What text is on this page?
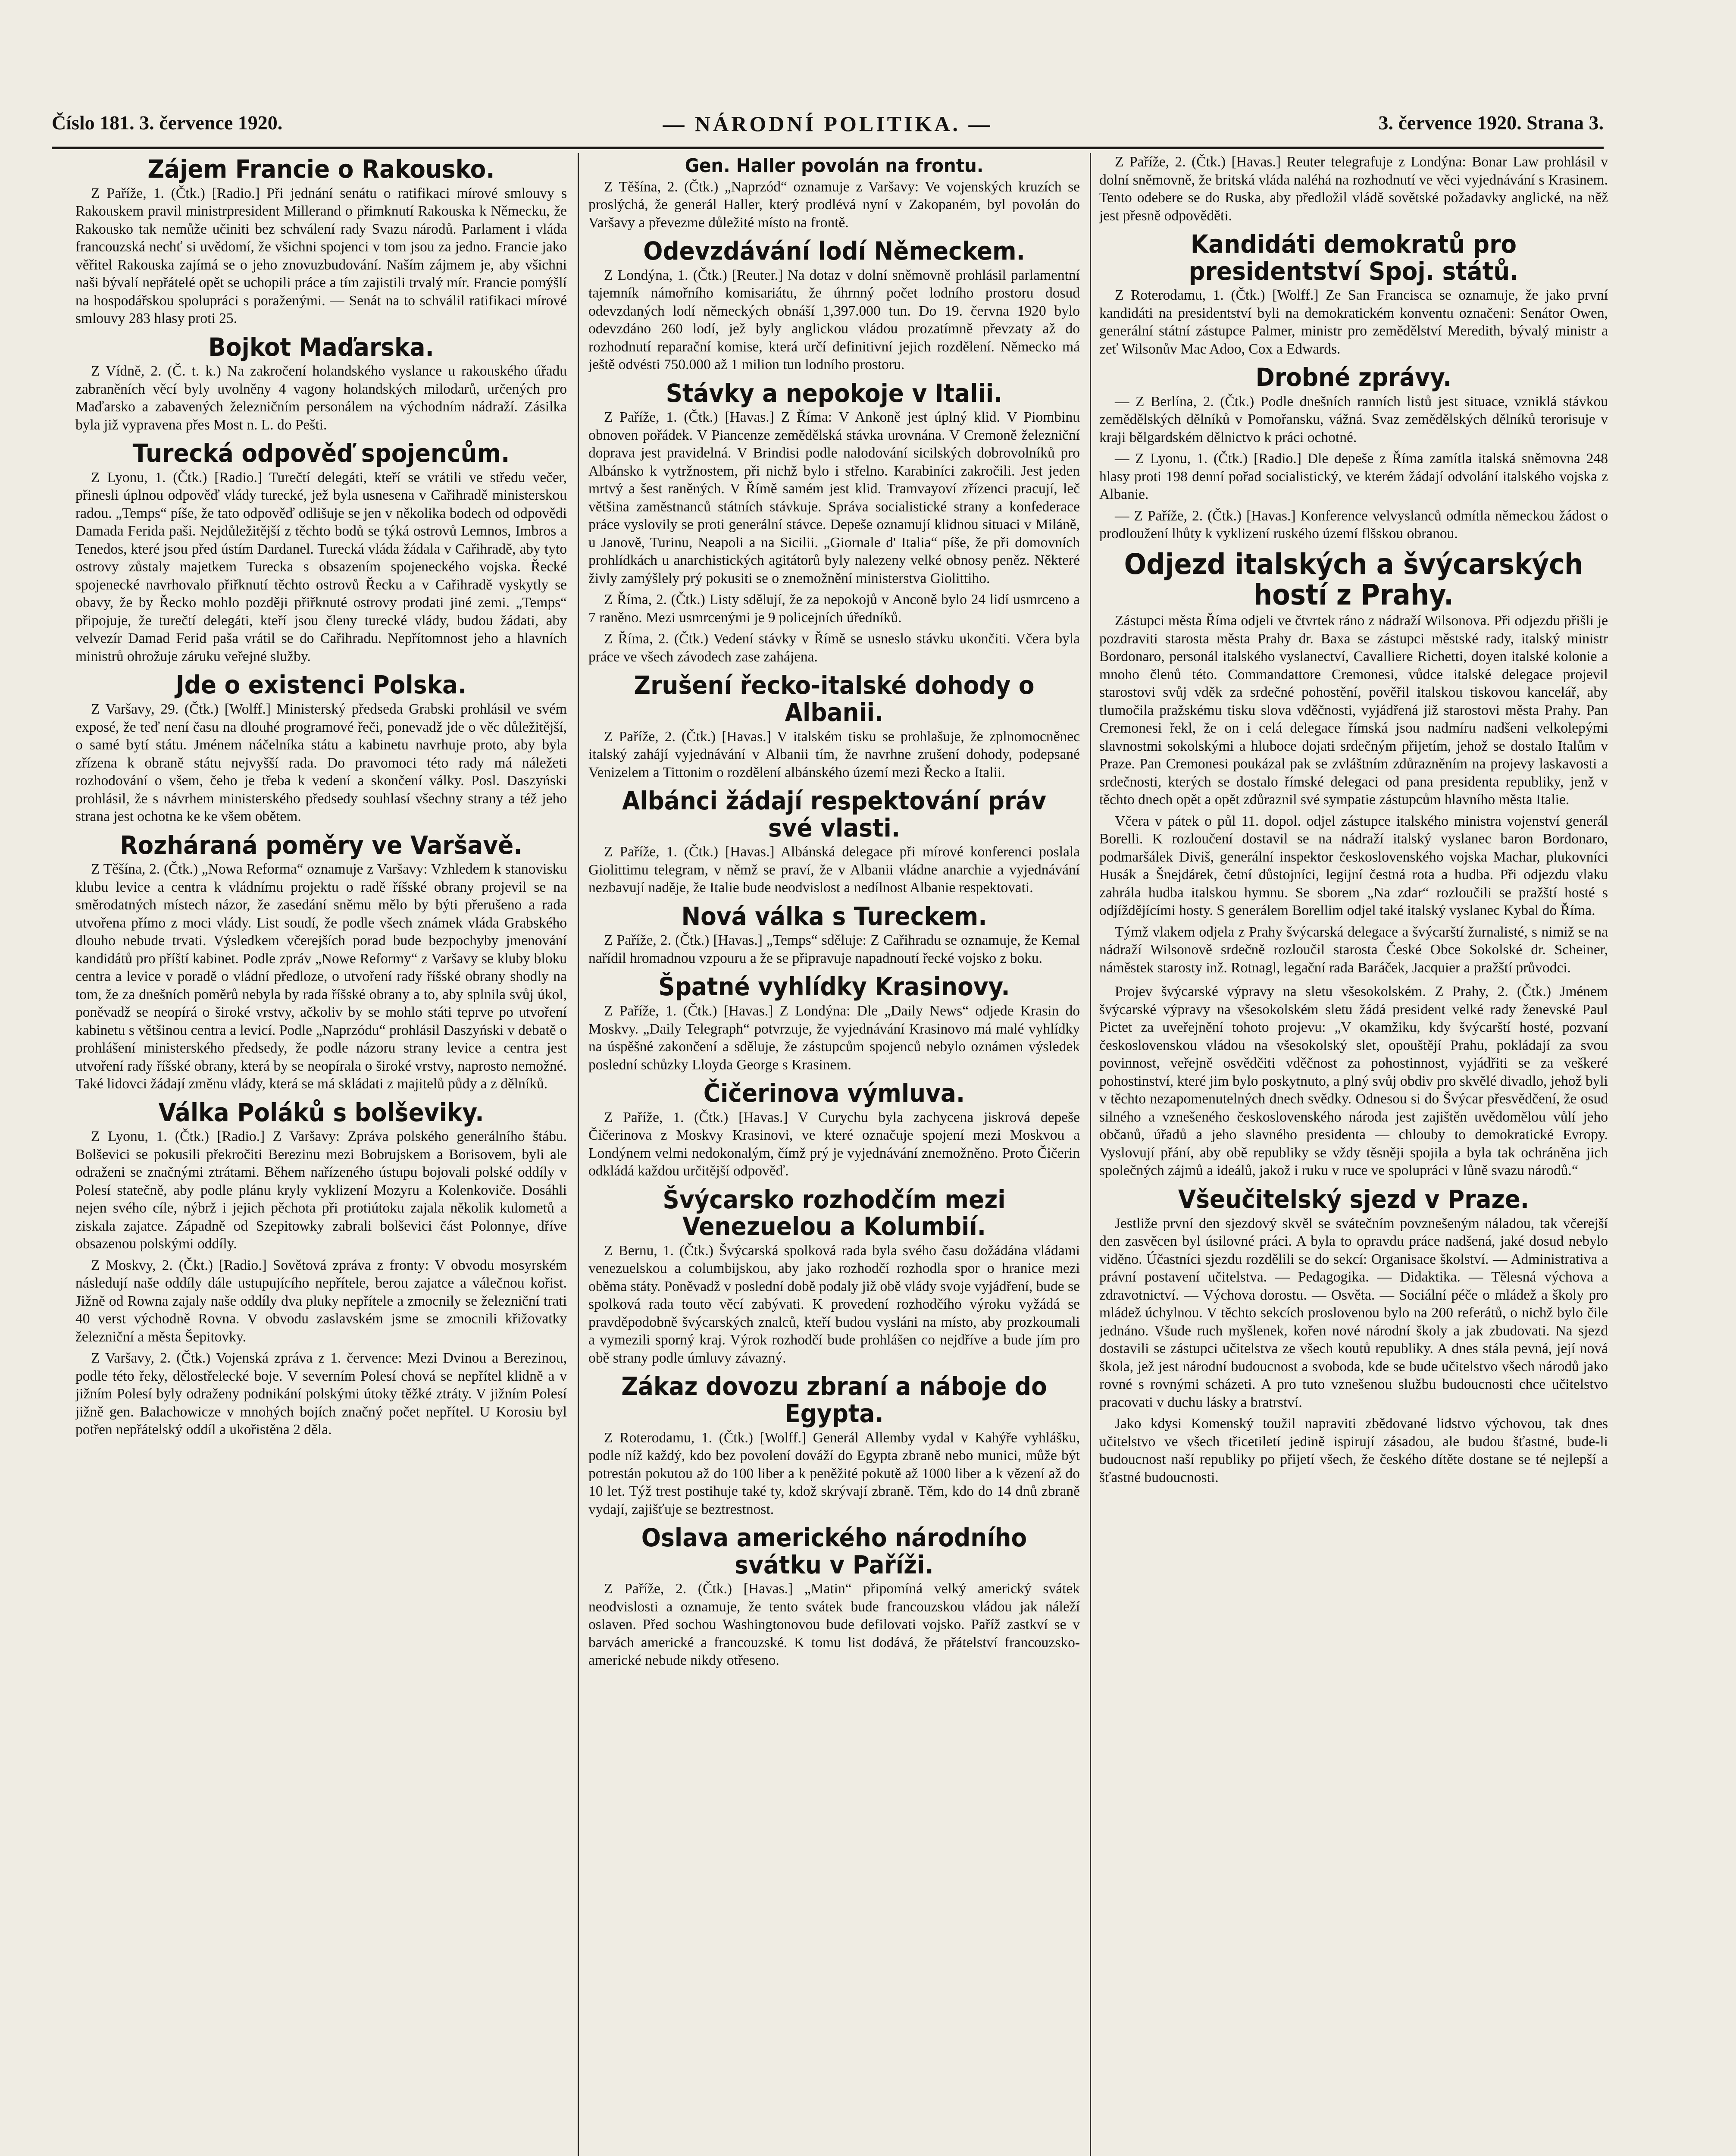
Číslo 181. 3. července 1920.	— NÁRODNÍ POLITIKA. —	3. července 1920. Strana 3.
Zájem Francie o Rakousko.

Z Paříže, 1. (Čtk.) [Radio.] Při jednání senátu o ratifikaci mírové smlouvy s Rakouskem pravil ministrpresident Millerand o přimknutí Rakouska k Německu, že Rakousko tak nemůže učiniti bez schválení rady Svazu národů. Parlament i vláda francouzská nechť si uvědomí, že všichni spojenci v tom jsou za jedno. Francie jako věřitel Rakouska zajímá se o jeho znovuzbudování. Naším zájmem je, aby všichni naši bývalí nepřátelé opět se uchopili práce a tím zajistili trvalý mír. Francie pomýšlí na hospodářskou spolupráci s poraženými. — Senát na to schválil ratifikaci mírové smlouvy 283 hlasy proti 25.

Bojkot Maďarska.

Z Vídně, 2. (Č. t. k.) Na zakročení holandského vyslance u rakouského úřadu zabraněních věcí byly uvolněny 4 vagony holandských milodarů, určených pro Maďarsko a zabavených železničním personálem na východním nádraží. Zásilka byla již vypravena přes Most n. L. do Pešti.

Turecká odpověď spojencům.

Z Lyonu, 1. (Čtk.) [Radio.] Turečtí delegáti, kteří se vrátili ve středu večer, přinesli úplnou odpověď vlády turecké, jež byla usnesena v Cařihradě ministerskou radou. „Temps“ píše, že tato odpověď odlišuje se jen v několika bodech od odpovědi Damada Ferida paši. Nejdůležitější z těchto bodů se týká ostrovů Lemnos, Imbros a Tenedos, které jsou před ústím Dardanel. Turecká vláda žádala v Cařihradě, aby tyto ostrovy zůstaly majetkem Turecka s obsazením spojeneckého vojska. Řecké spojenecké navrhovalo přiřknutí těchto ostrovů Řecku a v Cařihradě vyskytly se obavy, že by Řecko mohlo později přiřknuté ostrovy prodati jiné zemi. „Temps“ připojuje, že turečtí delegáti, kteří jsou členy turecké vlády, budou žádati, aby velvezír Damad Ferid paša vrátil se do Cařihradu. Nepřítomnost jeho a hlavních ministrů ohrožuje záruku veřejné služby.

Jde o existenci Polska.

Z Varšavy, 29. (Čtk.) [Wolff.] Ministerský předseda Grabski prohlásil ve svém exposé, že teď není času na dlouhé programové řeči, ponevadž jde o věc důležitější, o samé bytí státu. Jménem náčelníka státu a kabinetu navrhuje proto, aby byla zřízena k obraně státu nejvyšší rada. Do pravomoci této rady má náležeti rozhodování o všem, čeho je třeba k vedení a skončení války. Posl. Daszyński prohlásil, že s návrhem ministerského předsedy souhlasí všechny strany a též jeho strana jest ochotna ke ke všem obětem.

Rozháraná poměry ve Varšavě.

Z Těšína, 2. (Čtk.) „Nowa Reforma“ oznamuje z Varšavy: Vzhledem k stanovisku klubu levice a centra k vládnímu projektu o radě říšské obrany projevil se na směrodatných místech názor, že zasedání sněmu mělo by býti přerušeno a rada utvořena přímo z moci vlády. List soudí, že podle všech známek vláda Grabského dlouho nebude trvati. Výsledkem včerejších porad bude bezpochyby jmenování kandidátů pro příští kabinet. Podle zpráv „Nowe Reformy“ z Varšavy se kluby bloku centra a levice v poradě o vládní předloze, o utvoření rady říšské obrany shodly na tom, že za dnešních poměrů nebyla by rada říšské obrany a to, aby splnila svůj úkol, poněvadž se neopírá o široké vrstvy, ačkoliv by se mohlo státi teprve po utvoření kabinetu s většinou centra a levicí. Podle „Naprzódu“ prohlásil Daszyński v debatě o prohlášení ministerského předsedy, že podle názoru strany levice a centra jest utvoření rady říšské obrany, která by se neopírala o široké vrstvy, naprosto nemožné. Také lidovci žádají změnu vlády, která se má skládati z majitelů půdy a z dělníků.

Válka Poláků s bolševiky.

Z Lyonu, 1. (Čtk.) [Radio.] Z Varšavy: Zpráva polského generálního štábu. Bolševici se pokusili překročiti Berezinu mezi Bobrujskem a Borisovem, byli ale odraženi se značnými ztrátami. Během nařízeného ústupu bojovali polské oddíly v Polesí statečně, aby podle plánu kryly vyklizení Mozyru a Kolenkoviče. Dosáhli nejen svého cíle, nýbrž i jejich pěchota při protiútoku zajala několik kulometů a ziskala zajatce. Západně od Szepitowky zabrali bolševici část Polonnye, dříve obsazenou polskými oddíly.

Z Moskvy, 2. (Čkt.) [Radio.] Sovětová zpráva z fronty: V obvodu mosyrském následují naše oddíly dále ustupujícího nepřítele, berou zajatce a válečnou kořist. Jižně od Rowna zajaly naše oddíly dva pluky nepřítele a zmocnily se železniční trati 40 verst východně Rovna. V obvodu zaslavském jsme se zmocnili křižovatky železniční a města Šepitovky.

Z Varšavy, 2. (Čtk.) Vojenská zpráva z 1. července: Mezi Dvinou a Berezinou, podle této řeky, dělostřelecké boje. V severním Polesí chová se nepřítel klidně a v jižním Polesí byly odraženy podnikání polskými útoky těžké ztráty. V jižním Polesí jižně gen. Balachowicze v mnohých bojích značný počet nepřítel. U Korosiu byl potřen nepřátelský oddíl a ukořistěna 2 děla.

Gen. Haller povolán na frontu.

Z Těšína, 2. (Čtk.) „Naprzód“ oznamuje z Varšavy: Ve vojenských kruzích se proslýchá, že generál Haller, který prodlévá nyní v Zakopaném, byl povolán do Varšavy a převezme důležité místo na frontě.

Odevzdávání lodí Německem.

Z Londýna, 1. (Čtk.) [Reuter.] Na dotaz v dolní sněmovně prohlásil parlamentní tajemník námořního komisariátu, že úhrnný počet lodního prostoru dosud odevzdaných lodí německých obnáší 1,397.000 tun. Do 19. června 1920 bylo odevzdáno 260 lodí, jež byly anglickou vládou prozatímně převzaty až do rozhodnutí reparační komise, která určí definitivní jejich rozdělení. Německo má ještě odvésti 750.000 až 1 milion tun lodního prostoru.

Stávky a nepokoje v Italii.

Z Paříže, 1. (Čtk.) [Havas.] Z Říma: V Ankoně jest úplný klid. V Piombinu obnoven pořádek. V Piancenze zemědělská stávka urovnána. V Cremoně železniční doprava jest pravidelná. V Brindisi podle nalodování sicilských dobrovolníků pro Albánsko k vytržnostem, při nichž bylo i střelno. Karabiníci zakročili. Jest jeden mrtvý a šest raněných. V Římě samém jest klid. Tramvayoví zřízenci pracují, leč většina zaměstnanců státních stávkuje. Správa socialistické strany a konfederace práce vyslovily se proti generální stávce. Depeše oznamují klidnou situaci v Miláně, u Janově, Turinu, Neapoli a na Sicilii. „Giornale d' Italia“ píše, že při domovních prohlídkách u anarchistických agitátorů byly nalezeny velké obnosy peněz. Některé živly zamýšlely prý pokusiti se o znemožnění ministerstva Giolittiho.

Z Říma, 2. (Čtk.) Listy sdělují, že za nepokojů v Anconě bylo 24 lidí usmrceno a 7 raněno. Mezi usmrcenými je 9 policejních úředníků.

Z Říma, 2. (Čtk.) Vedení stávky v Římě se usneslo stávku ukončiti. Včera byla práce ve všech závodech zase zahájena.

Zrušení řecko-italské dohody o Albanii.

Z Paříže, 2. (Čtk.) [Havas.] V italském tisku se prohlašuje, že zplnomocněnec italský zahájí vyjednávání v Albanii tím, že navrhne zrušení dohody, podepsané Venizelem a Tittonim o rozdělení albánského území mezi Řecko a Italii.

Albánci žádají respektování práv své vlasti.

Z Paříže, 1. (Čtk.) [Havas.] Albánská delegace při mírové konferenci poslala Giolittimu telegram, v němž se praví, že v Albanii vládne anarchie a vyjednávání nezbavují naděje, že Italie bude neodvislost a nedílnost Albanie respektovati.

Nová válka s Tureckem.

Z Paříže, 2. (Čtk.) [Havas.] „Temps“ sděluje: Z Cařihradu se oznamuje, že Kemal nařídil hromadnou vzpouru a že se připravuje napadnoutí řecké vojsko z boku.

Špatné vyhlídky Krasinovy.

Z Paříže, 1. (Čtk.) [Havas.] Z Londýna: Dle „Daily News“ odjede Krasin do Moskvy. „Daily Telegraph“ potvrzuje, že vyjednávání Krasinovo má malé vyhlídky na úspěšné zakončení a sděluje, že zástupcům spojenců nebylo oznámen výsledek poslední schůzky Lloyda George s Krasinem.

Čičerinova výmluva.

Z Paříže, 1. (Čtk.) [Havas.] V Curychu byla zachycena jiskrová depeše Čičerinova z Moskvy Krasinovi, ve které označuje spojení mezi Moskvou a Londýnem velmi nedokonalým, čímž prý je vyjednávání znemožněno. Proto Čičerin odkládá každou určitější odpověď.

Švýcarsko rozhodčím mezi Venezuelou a Kolumbií.

Z Bernu, 1. (Čtk.) Švýcarská spolková rada byla svého času dožádána vládami venezuelskou a columbijskou, aby jako rozhodčí rozhodla spor o hranice mezi oběma státy. Poněvadž v poslední době podaly již obě vlády svoje vyjádření, bude se spolková rada touto věcí zabývati. K provedení rozhodčího výroku vyžádá se pravděpodobně švýcarských znalců, kteří budou vysláni na místo, aby prozkoumali a vymezili sporný kraj. Výrok rozhodčí bude prohlášen co nejdříve a bude jím pro obě strany podle úmluvy závazný.

Zákaz dovozu zbraní a náboje do Egypta.

Z Roterodamu, 1. (Čtk.) [Wolff.] Generál Allemby vydal v Kahýře vyhlášku, podle níž každý, kdo bez povolení dováží do Egypta zbraně nebo munici, může být potrestán pokutou až do 100 liber a k peněžité pokutě až 1000 liber a k vězení až do 10 let. Týž trest postihuje také ty, kdož skrývají zbraně. Těm, kdo do 14 dnů zbraně vydají, zajišťuje se beztrestnost.

Oslava amerického národního svátku v Paříži.

Z Paříže, 2. (Čtk.) [Havas.] „Matin“ připomíná velký americký svátek neodvislosti a oznamuje, že tento svátek bude francouzskou vládou jak náleží oslaven. Před sochou Washingtonovou bude defilovati vojsko. Paříž zastkví se v barvách americké a francouzské. K tomu list dodává, že přátelství francouzsko-americké nebude nikdy otřeseno.

Z Paříže, 2. (Čtk.) [Havas.] Reuter telegrafuje z Londýna: Bonar Law prohlásil v dolní sněmovně, že britská vláda naléhá na rozhodnutí ve věci vyjednávání s Krasinem. Tento odebere se do Ruska, aby předložil vládě sovětské požadavky anglické, na něž jest přesně odpověděti.

Kandidáti demokratů pro presidentství Spoj. států.

Z Roterodamu, 1. (Čtk.) [Wolff.] Ze San Francisca se oznamuje, že jako první kandidáti na presidentství byli na demokratickém konventu označeni: Senátor Owen, generální státní zástupce Palmer, ministr pro zemědělství Meredith, bývalý ministr a zeť Wilsonův Mac Adoo, Cox a Edwards.

Drobné zprávy.

— Z Berlína, 2. (Čtk.) Podle dnešních ranních listů jest situace, vzniklá stávkou zemědělských dělníků v Pomořansku, vážná. Svaz zemědělských dělníků terorisuje v kraji bělgardském dělnictvo k práci ochotné.

— Z Lyonu, 1. (Čtk.) [Radio.] Dle depeše z Říma zamítla italská sněmovna 248 hlasy proti 198 denní pořad socialistický, ve kterém žádají odvolání italského vojska z Albanie.

— Z Paříže, 2. (Čtk.) [Havas.] Konference velvyslanců odmítla německou žádost o prodloužení lhůty k vyklizení ruského území flšskou obranou.

Odjezd italských a švýcarských hostí z Prahy.

Zástupci města Říma odjeli ve čtvrtek ráno z nádraží Wilsonova. Při odjezdu přišli je pozdraviti starosta města Prahy dr. Baxa se zástupci městské rady, italský ministr Bordonaro, personál italského vyslanectví, Cavalliere Richetti, doyen italské kolonie a mnoho členů této. Commandattore Cremonesi, vůdce italské delegace projevil starostovi svůj vděk za srdečné pohostění, pověřil italskou tiskovou kancelář, aby tlumočila pražskému tisku slova vděčnosti, vyjádřená již starostovi města Prahy. Pan Cremonesi řekl, že on i celá delegace římská jsou nadmíru nadšeni velkolepými slavnostmi sokolskými a hluboce dojati srdečným přijetím, jehož se dostalo Italům v Praze. Pan Cremonesi poukázal pak se zvláštním zdůrazněním na projevy laskavosti a srdečnosti, kterých se dostalo římské delegaci od pana presidenta republiky, jenž v těchto dnech opět a opět zdůraznil své sympatie zástupcům hlavního města Italie.

Včera v pátek o půl 11. dopol. odjel zástupce italského ministra vojenství generál Borelli. K rozloučení dostavil se na nádraží italský vyslanec baron Bordonaro, podmaršálek Diviš, generální inspektor československého vojska Machar, plukovníci Husák a Šnejdárek, četní důstojníci, legijní čestná rota a hudba. Při odjezdu vlaku zahrála hudba italskou hymnu. Se sborem „Na zdar“ rozloučili se pražští hosté s odjíždějícími hosty. S generálem Borellim odjel také italský vyslanec Kybal do Říma.

Týmž vlakem odjela z Prahy švýcarská delegace a švýcarští žurnalisté, s nimiž se na nádraží Wilsonově srdečně rozloučil starosta České Obce Sokolské dr. Scheiner, náměstek starosty inž. Rotnagl, legační rada Baráček, Jacquier a pražští průvodci.

Projev švýcarské výpravy na sletu všesokolském. Z Prahy, 2. (Čtk.) Jménem švýcarské výpravy na všesokolském sletu žádá president velké rady ženevské Paul Pictet za uveřejnění tohoto projevu: „V okamžiku, kdy švýcarští hosté, pozvaní československou vládou na všesokolský slet, opouštějí Prahu, pokládají za svou povinnost, veřejně osvědčiti vděčnost za pohostinnost, vyjádřiti se za veškeré pohostinství, které jim bylo poskytnuto, a plný svůj obdiv pro skvělé divadlo, jehož byli v těchto nezapomenutelných dnech svědky. Odnesou si do Švýcar přesvědčení, že osud silného a vznešeného československého národa jest zajištěn uvědomělou vůlí jeho občanů, úřadů a jeho slavného presidenta — chlouby to demokratické Evropy. Vyslovují přání, aby obě republiky se vždy těsněji spojila a byla tak ochráněna jich společných zájmů a ideálů, jakož i ruku v ruce ve spolupráci v lůně svazu národů.“

Všeučitelský sjezd v Praze.

Jestliže první den sjezdový skvěl se svátečním povznešeným náladou, tak včerejší den zasvěcen byl úsilovné práci. A byla to opravdu práce nadšená, jaké dosud nebylo viděno. Účastníci sjezdu rozdělili se do sekcí: Organisace školství. — Administrativa a právní postavení učitelstva. — Pedagogika. — Didaktika. — Tělesná výchova a zdravotnictví. — Výchova dorostu. — Osvěta. — Sociální péče o mládež a školy pro mládež úchylnou. V těchto sekcích proslovenou bylo na 200 referátů, o nichž bylo čile jednáno. Všude ruch myšlenek, kořen nové národní školy a jak zbudovati. Na sjezd dostavili se zástupci učitelstva ze všech koutů republiky. A dnes stála pevná, její nová škola, jež jest národní budoucnost a svoboda, kde se bude učitelstvo všech národů jako rovné s rovnými scházeti. A pro tuto vznešenou službu budoucnosti chce učitelstvo pracovati v duchu lásky a bratrství.

Jako kdysi Komenský toužil napraviti zbědované lidstvo výchovou, tak dnes učitelstvo ve všech třicetiletí jedině ispirují zásadou, ale budou šťastné, bude-li budoucnost naší republiky po přijetí všech, že českého dítěte dostane se té nejlepší a šťastné budoucnosti.
